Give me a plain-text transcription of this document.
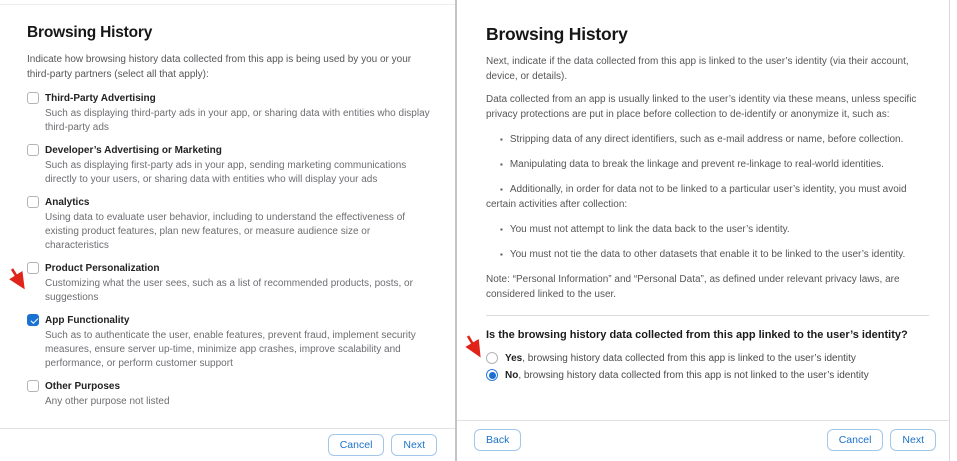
Browsing History
Indicate how browsing history data collected from this app is being used by you or your third-party partners (select all that apply):
Third-Party Advertising
Such as displaying third-party ads in your app, or sharing data with entities who display third-party ads
Developer’s Advertising or Marketing
Such as displaying first-party ads in your app, sending marketing communications directly to your users, or sharing data with entities who will display your ads
Analytics
Using data to evaluate user behavior, including to understand the effectiveness of existing product features, plan new features, or measure audience size or characteristics
Product Personalization
Customizing what the user sees, such as a list of recommended products, posts, or suggestions
App Functionality
Such as to authenticate the user, enable features, prevent fraud, implement security measures, ensure server up-time, minimize app crashes, improve scalability and performance, or perform customer support
Other Purposes
Any other purpose not listed
Cancel	Next
Browsing History
Next, indicate if the data collected from this app is linked to the user’s identity (via their account, device, or details).
Data collected from an app is usually linked to the user’s identity via these means, unless specific privacy protections are put in place before collection to de-identify or anonymize it, such as:
▪ Stripping data of any direct identifiers, such as e-mail address or name, before collection.
▪ Manipulating data to break the linkage and prevent re-linkage to real-world identities.
▪ Additionally, in order for data not to be linked to a particular user’s identity, you must avoid certain activities after collection:
▪ You must not attempt to link the data back to the user’s identity.
▪ You must not tie the data to other datasets that enable it to be linked to the user’s identity.
Note: “Personal Information” and “Personal Data”, as defined under relevant privacy laws, are considered linked to the user.
Is the browsing history data collected from this app linked to the user’s identity?
Yes, browsing history data collected from this app is linked to the user’s identity
No, browsing history data collected from this app is not linked to the user’s identity
Back	Cancel	Next
